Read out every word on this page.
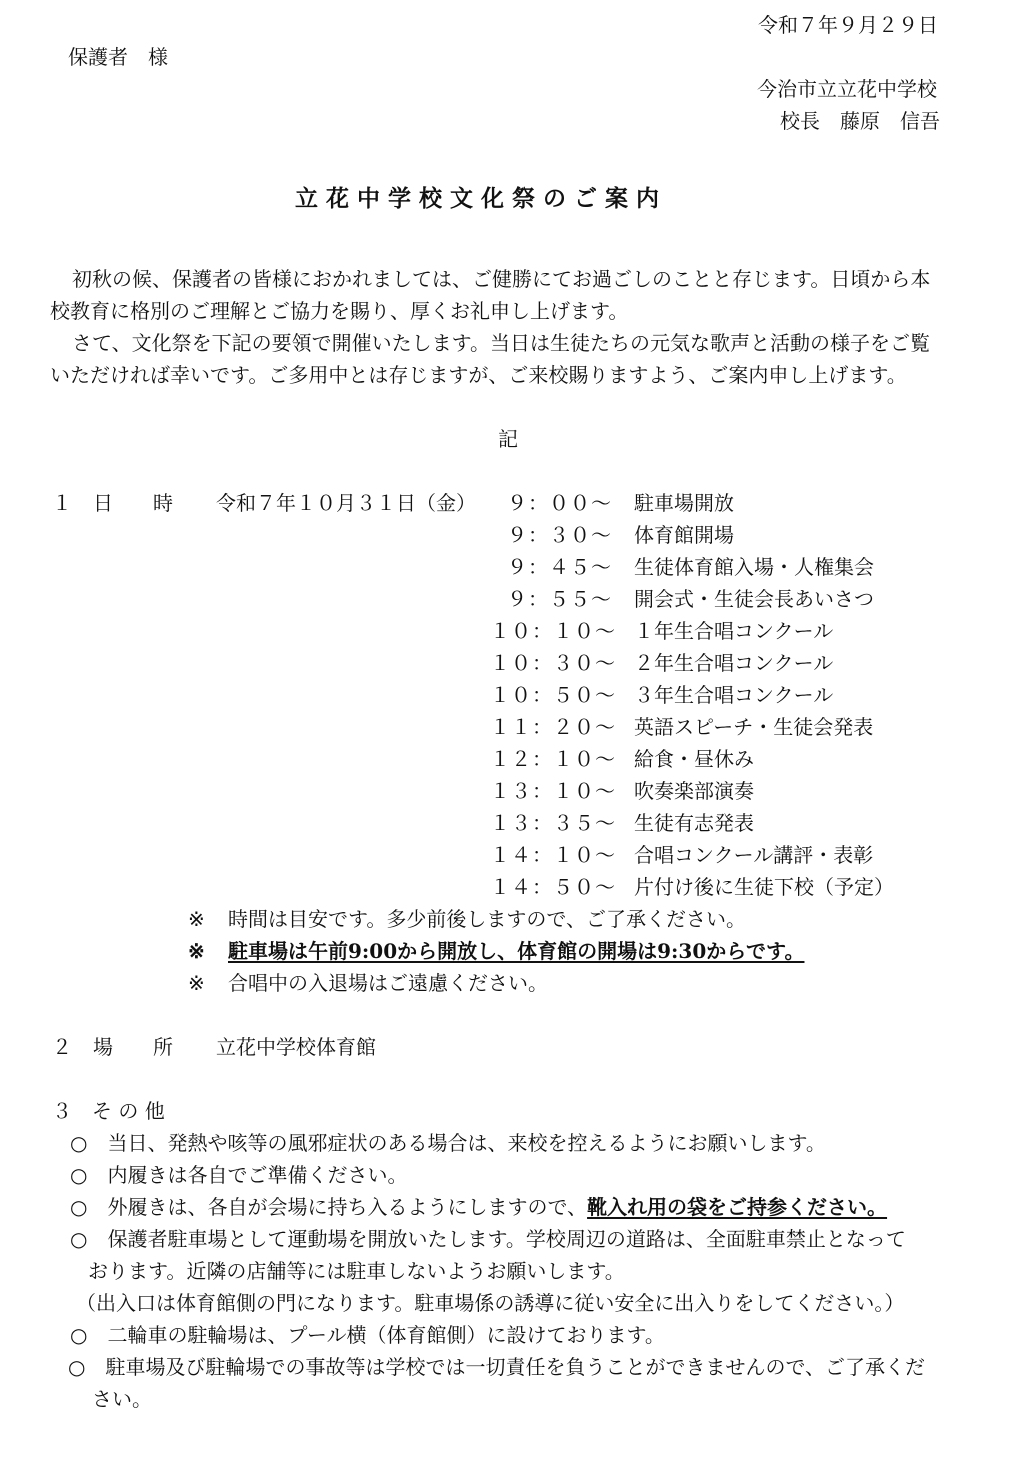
令和７年９月２９日
保護者　様
今治市立立花中学校
校長　藤原　信吾
立花中学校文化祭のご案内
初秋の候、保護者の皆様におかれましては、ご健勝にてお過ごしのことと存じます。日頃から本
校教育に格別のご理解とご協力を賜り、厚くお礼申し上げます。
さて、文化祭を下記の要領で開催いたします。当日は生徒たちの元気な歌声と活動の様子をご覧
いただければ幸いです。ご多用中とは存じますが、ご来校賜りますよう、ご案内申し上げます。
記
１ 日　　時 令和７年１０月３１日（金）	９：００〜 駐車場開放
９：３０〜 体育館開場
９：４５〜 生徒体育館入場・人権集会
９：５５〜 開会式・生徒会長あいさつ
１０：１０〜 １年生合唱コンクール
１０：３０〜 ２年生合唱コンクール
１０：５０〜 ３年生合唱コンクール
１１：２０〜 英語スピーチ・生徒会発表
１２：１０〜 給食・昼休み
１３：１０〜 吹奏楽部演奏
１３：３５〜 生徒有志発表
１４：１０〜 合唱コンクール講評・表彰
１４：５０〜 片付け後に生徒下校（予定）
※ 時間は目安です。多少前後しますので、ご了承ください。
※ 駐車場は午前9:00から開放し、体育館の開場は9:30からです。
※ 合唱中の入退場はご遠慮ください。
２ 場　　所 立花中学校体育館
３　そ の 他
○　当日、発熱や咳等の風邪症状のある場合は、来校を控えるようにお願いします。
○　内履きは各自でご準備ください。
○　外履きは、各自が会場に持ち入るようにしますので、靴入れ用の袋をご持参ください。
○　保護者駐車場として運動場を開放いたします。学校周辺の道路は、全面駐車禁止となって
おります。近隣の店舗等には駐車しないようお願いします。
（出入口は体育館側の門になります。駐車場係の誘導に従い安全に出入りをしてください。）
○　二輪車の駐輪場は、プール横（体育館側）に設けております。
○　駐車場及び駐輪場での事故等は学校では一切責任を負うことができませんので、ご了承くだ
さい。
